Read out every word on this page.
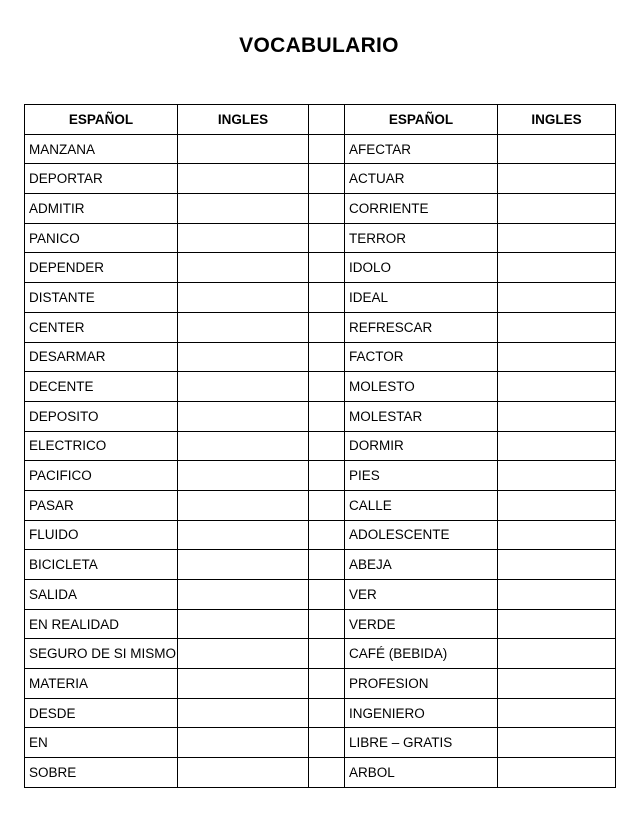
VOCABULARIO
ESPAÑOL	INGLES		ESPAÑOL	INGLES
MANZANA			AFECTAR	
DEPORTAR			ACTUAR	
ADMITIR			CORRIENTE	
PANICO			TERROR	
DEPENDER			IDOLO	
DISTANTE			IDEAL	
CENTER			REFRESCAR	
DESARMAR			FACTOR	
DECENTE			MOLESTO	
DEPOSITO			MOLESTAR	
ELECTRICO			DORMIR	
PACIFICO			PIES	
PASAR			CALLE	
FLUIDO			ADOLESCENTE	
BICICLETA			ABEJA	
SALIDA			VER	
EN REALIDAD			VERDE	
SEGURO DE SI MISMO			CAFÉ (BEBIDA)	
MATERIA			PROFESION	
DESDE			INGENIERO	
EN			LIBRE – GRATIS	
SOBRE			ARBOL	
